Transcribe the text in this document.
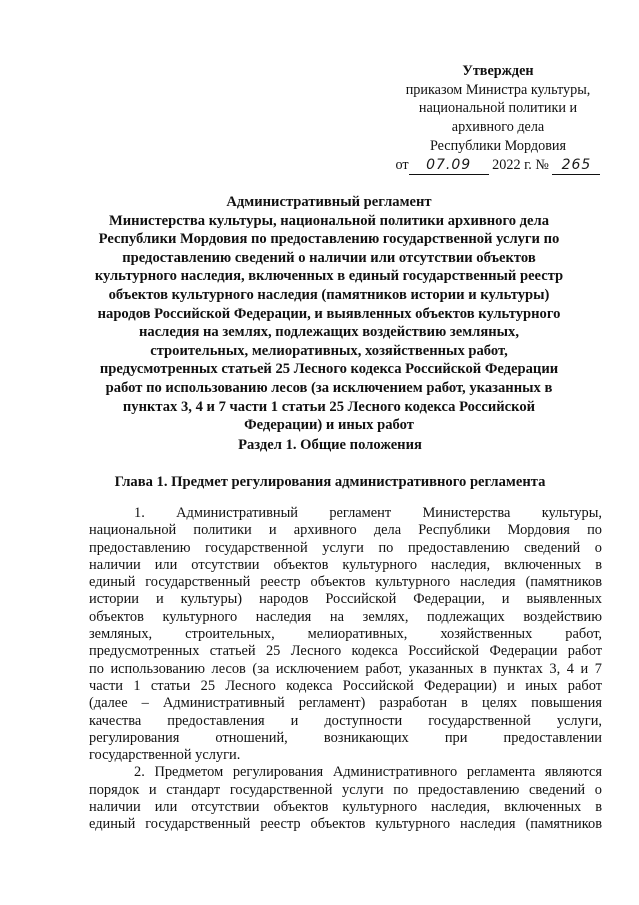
Утвержден
приказом Министра культуры,
национальной политики и
архивного дела
Республики Мордовия
от 07.09 2022 г. № 265
Административный регламент
Министерства культуры, национальной политики архивного дела
Республики Мордовия по предоставлению государственной услуги по
предоставлению сведений о наличии или отсутствии объектов
культурного наследия, включенных в единый государственный реестр
объектов культурного наследия (памятников истории и культуры)
народов Российской Федерации, и выявленных объектов культурного
наследия на землях, подлежащих воздействию земляных,
строительных, мелиоративных, хозяйственных работ,
предусмотренных статьей 25 Лесного кодекса Российской Федерации
работ по использованию лесов (за исключением работ, указанных в
пунктах 3, 4 и 7 части 1 статьи 25 Лесного кодекса Российской
Федерации) и иных работ
Раздел 1. Общие положения
Глава 1. Предмет регулирования административного регламента
1. Административный регламент Министерства культуры,
национальной политики и архивного дела Республики Мордовия по
предоставлению государственной услуги по предоставлению сведений о
наличии или отсутствии объектов культурного наследия, включенных в
единый государственный реестр объектов культурного наследия (памятников
истории и культуры) народов Российской Федерации, и выявленных
объектов культурного наследия на землях, подлежащих воздействию
земляных, строительных, мелиоративных, хозяйственных работ,
предусмотренных статьей 25 Лесного кодекса Российской Федерации работ
по использованию лесов (за исключением работ, указанных в пунктах 3, 4 и 7
части 1 статьи 25 Лесного кодекса Российской Федерации) и иных работ
(далее – Административный регламент) разработан в целях повышения
качества предоставления и доступности государственной услуги,
регулирования отношений, возникающих при предоставлении
государственной услуги.
2. Предметом регулирования Административного регламента являются
порядок и стандарт государственной услуги по предоставлению сведений о
наличии или отсутствии объектов культурного наследия, включенных в
единый государственный реестр объектов культурного наследия (памятников
